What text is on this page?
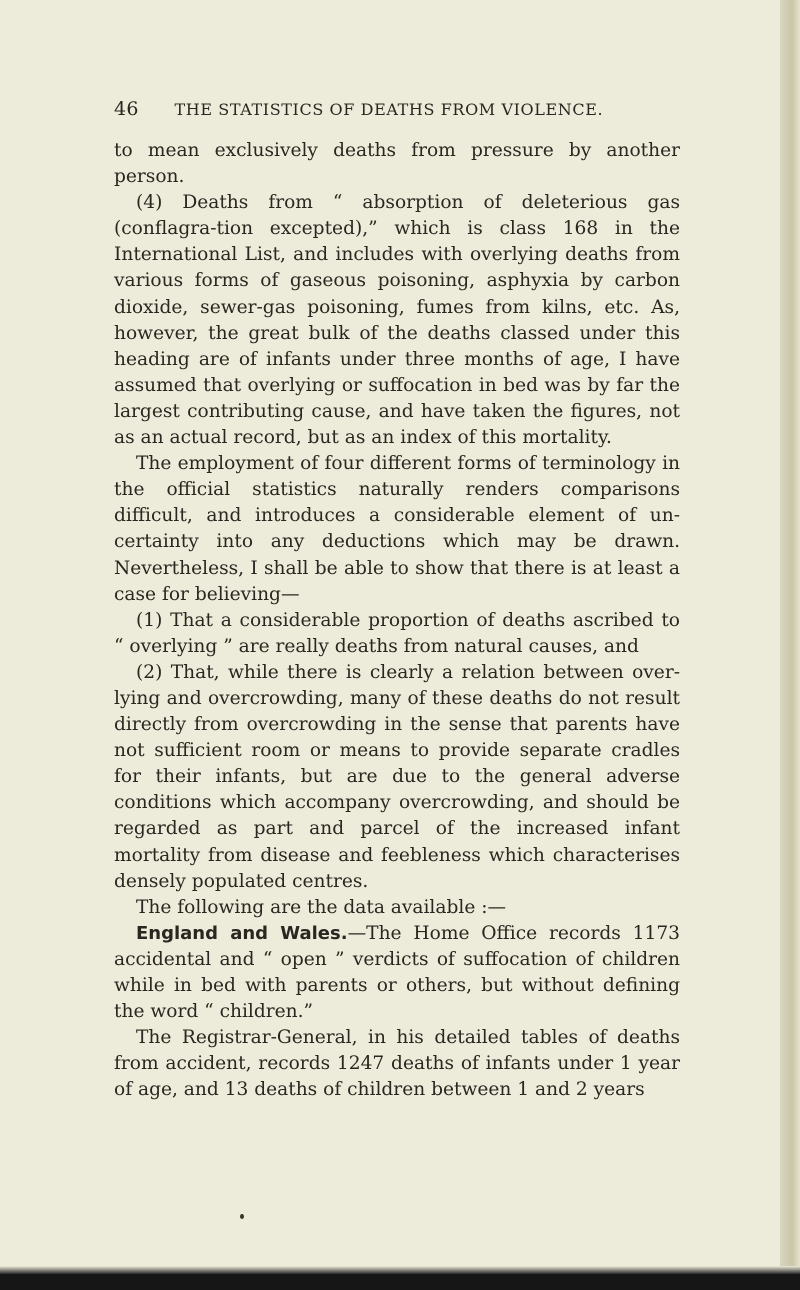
46 THE STATISTICS OF DEATHS FROM VIOLENCE.

to mean exclusively deaths from pressure by another person.

(4) Deaths from “ absorption of deleterious gas (conflagra-tion excepted),” which is class 168 in the International List, and includes with overlying deaths from various forms of gaseous poisoning, asphyxia by carbon dioxide, sewer-gas poisoning, fumes from kilns, etc. As, however, the great bulk of the deaths classed under this heading are of infants under three months of age, I have assumed that overlying or suffocation in bed was by far the largest contributing cause, and have taken the figures, not as an actual record, but as an index of this mortality.

The employment of four different forms of terminology in the official statistics naturally renders comparisons difficult, and introduces a considerable element of un-certainty into any deductions which may be drawn. Nevertheless, I shall be able to show that there is at least a case for believing—

(1) That a considerable proportion of deaths ascribed to “ overlying ” are really deaths from natural causes, and

(2) That, while there is clearly a relation between over-lying and overcrowding, many of these deaths do not result directly from overcrowding in the sense that parents have not sufficient room or means to provide separate cradles for their infants, but are due to the general adverse conditions which accompany overcrowding, and should be regarded as part and parcel of the increased infant mortality from disease and feebleness which characterises densely populated centres.

The following are the data available :—

England and Wales.—The Home Office records 1173 accidental and “ open ” verdicts of suffocation of children while in bed with parents or others, but without defining the word “ children.”

The Registrar-General, in his detailed tables of deaths from accident, records 1247 deaths of infants under 1 year of age, and 13 deaths of children between 1 and 2 years
